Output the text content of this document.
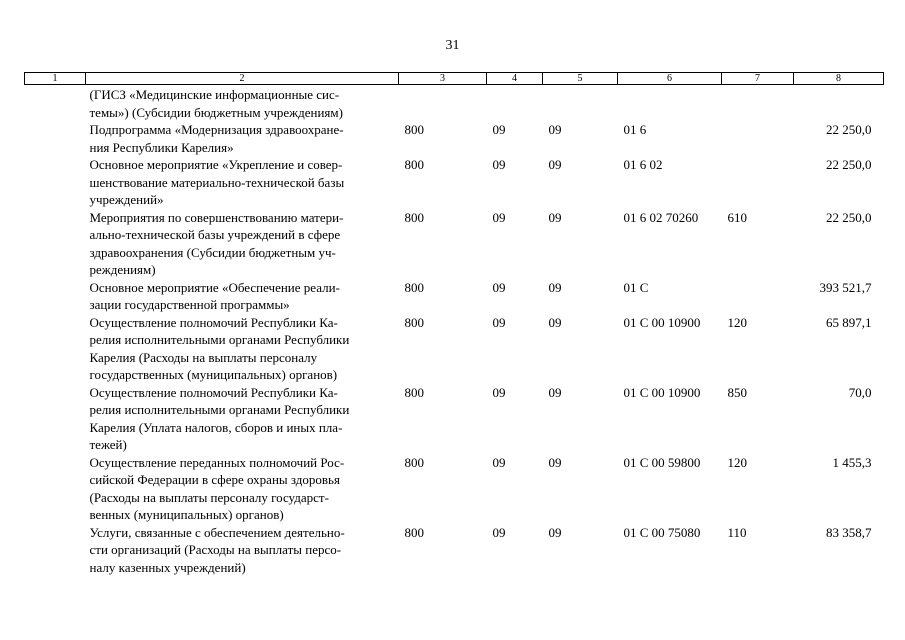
31
1	2	3	4	5	6	7	8

	(ГИСЗ «Медицинские информационные сис-
темы») (Субсидии бюджетным учреждениям)						

	Подпрограмма «Модернизация здравоохране-
ния Республики Карелия»	800	09	09	01 6		22 250,0

	Основное мероприятие «Укрепление и совер-
шенствование материально-технической базы
учреждений»	800	09	09	01 6 02		22 250,0

	Мероприятия по совершенствованию матери-
ально-технической базы учреждений в сфере
здравоохранения (Субсидии бюджетным уч-
реждениям)	800	09	09	01 6 02 70260	610	22 250,0

	Основное мероприятие «Обеспечение реали-
зации государственной программы»	800	09	09	01 С		393 521,7

	Осуществление полномочий Республики Ка-
релия исполнительными органами Республики
Карелия (Расходы на выплаты персоналу
государственных (муниципальных) органов)	800	09	09	01 С 00 10900	120	65 897,1

	Осуществление полномочий Республики Ка-
релия исполнительными органами Республики
Карелия (Уплата налогов, сборов и иных пла-
тежей)	800	09	09	01 С 00 10900	850	70,0

	Осуществление переданных полномочий Рос-
сийской Федерации в сфере охраны здоровья
(Расходы на выплаты персоналу государст-
венных (муниципальных) органов)	800	09	09	01 С 00 59800	120	1 455,3

	Услуги, связанные с обеспечением деятельно-
сти организаций (Расходы на выплаты персо-
налу казенных учреждений)	800	09	09	01 С 00 75080	110	83 358,7
